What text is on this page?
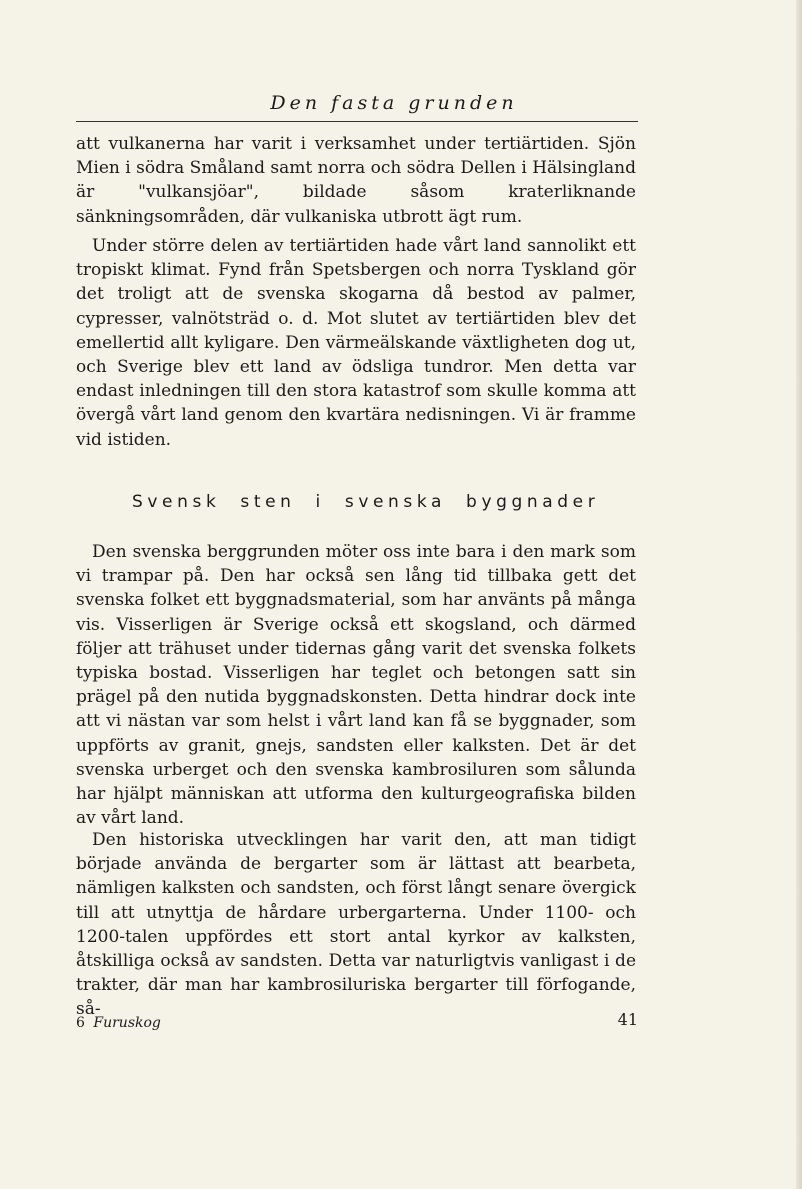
Den fasta grunden

att vulkanerna har varit i verksamhet under tertiärtiden. Sjön Mien i södra Småland samt norra och södra Dellen i Hälsingland är "vulkansjöar", bildade såsom kraterliknande sänkningsområden, där vulkaniska utbrott ägt rum.

Under större delen av tertiärtiden hade vårt land sannolikt ett tropiskt klimat. Fynd från Spetsbergen och norra Tyskland gör det troligt att de svenska skogarna då bestod av palmer, cypresser, valnötsträd o. d. Mot slutet av tertiärtiden blev det emellertid allt kyligare. Den värmeälskande växtligheten dog ut, och Sverige blev ett land av ödsliga tundror. Men detta var endast inledningen till den stora katastrof som skulle komma att övergå vårt land genom den kvartära nedisningen. Vi är framme vid istiden.

Svensk sten i svenska byggnader

Den svenska berggrunden möter oss inte bara i den mark som vi trampar på. Den har också sen lång tid tillbaka gett det svenska folket ett byggnadsmaterial, som har använts på många vis. Visserligen är Sverige också ett skogsland, och därmed följer att trähuset under tidernas gång varit det svenska folkets typiska bostad. Visserligen har teglet och betongen satt sin prägel på den nutida byggnadskonsten. Detta hindrar dock inte att vi nästan var som helst i vårt land kan få se byggnader, som uppförts av granit, gnejs, sandsten eller kalksten. Det är det svenska urberget och den svenska kambrosiluren som sålunda har hjälpt människan att utforma den kulturgeografiska bilden av vårt land.

Den historiska utvecklingen har varit den, att man tidigt började använda de bergarter som är lättast att bearbeta, nämligen kalksten och sandsten, och först långt senare övergick till att utnyttja de hårdare urbergarterna. Under 1100- och 1200-talen uppfördes ett stort antal kyrkor av kalksten, åtskilliga också av sandsten. Detta var naturligtvis vanligast i de trakter, där man har kambrosiluriska bergarter till förfogande, så-

6 Furuskog	41
